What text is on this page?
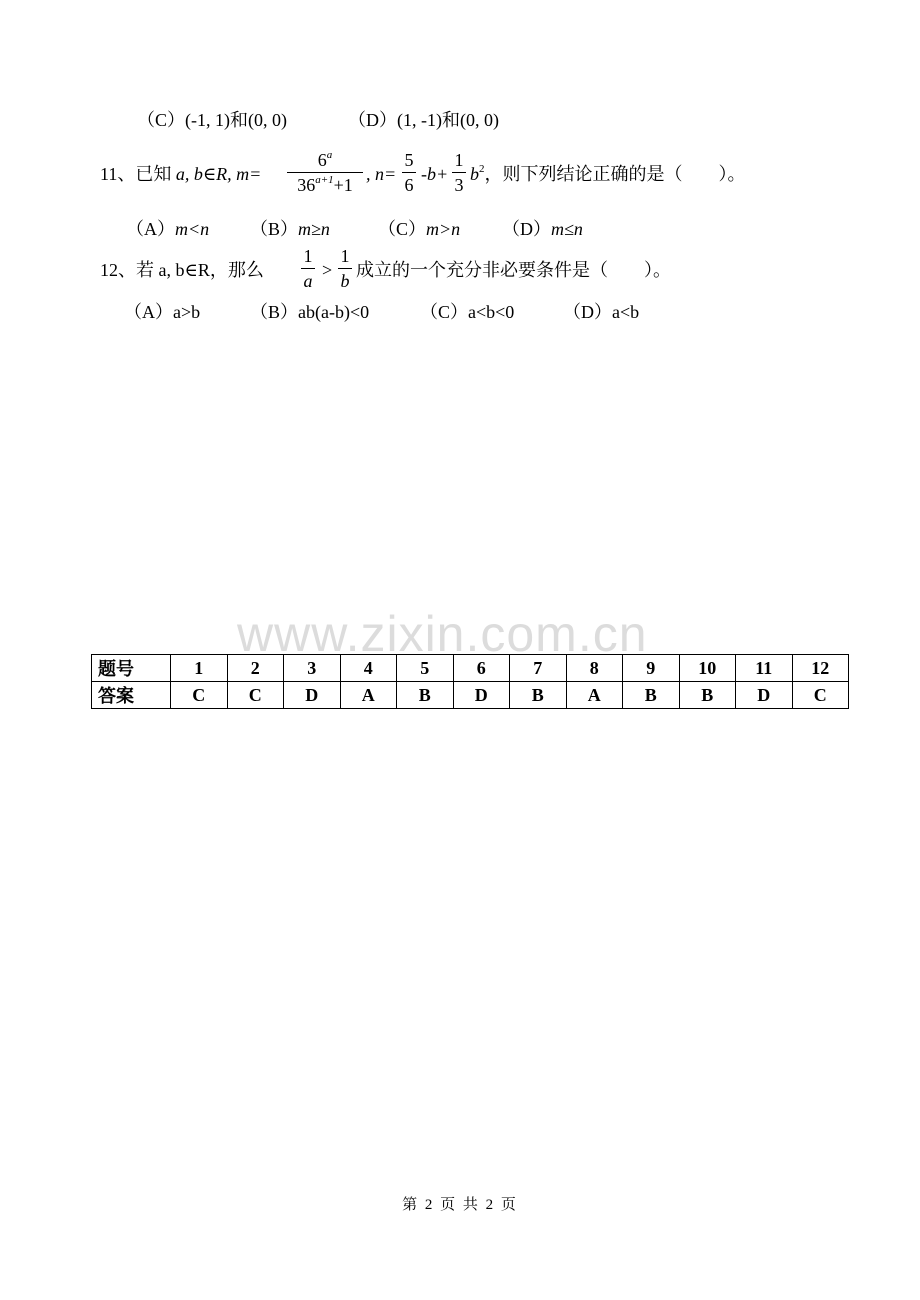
（C）(-1, 1)和(0, 0)	（D）(1, -1)和(0, 0)
11、已知 a, b∈R, m=
$6^a$
$36^{a+1}+1$
, n=
5
6
-b+
1
3
$b^2$，则下列结论正确的是（　　）。
（A）m<n （B）m≥n	（C）m>n （D）m≤n
12、若 a, b∈R，那么
1
a
>
1
b
成立的一个充分非必要条件是（　　）。
（A）a>b	（B）ab(a-b)<0	（C）a<b<0	（D）a<b
www.zixin.com.cn
题号	1	2	3	4	5	6	7	8	9	10	11	12
答案	C	C	D	A	B	D	B	A	B	B	D	C
第 2 页 共 2 页
